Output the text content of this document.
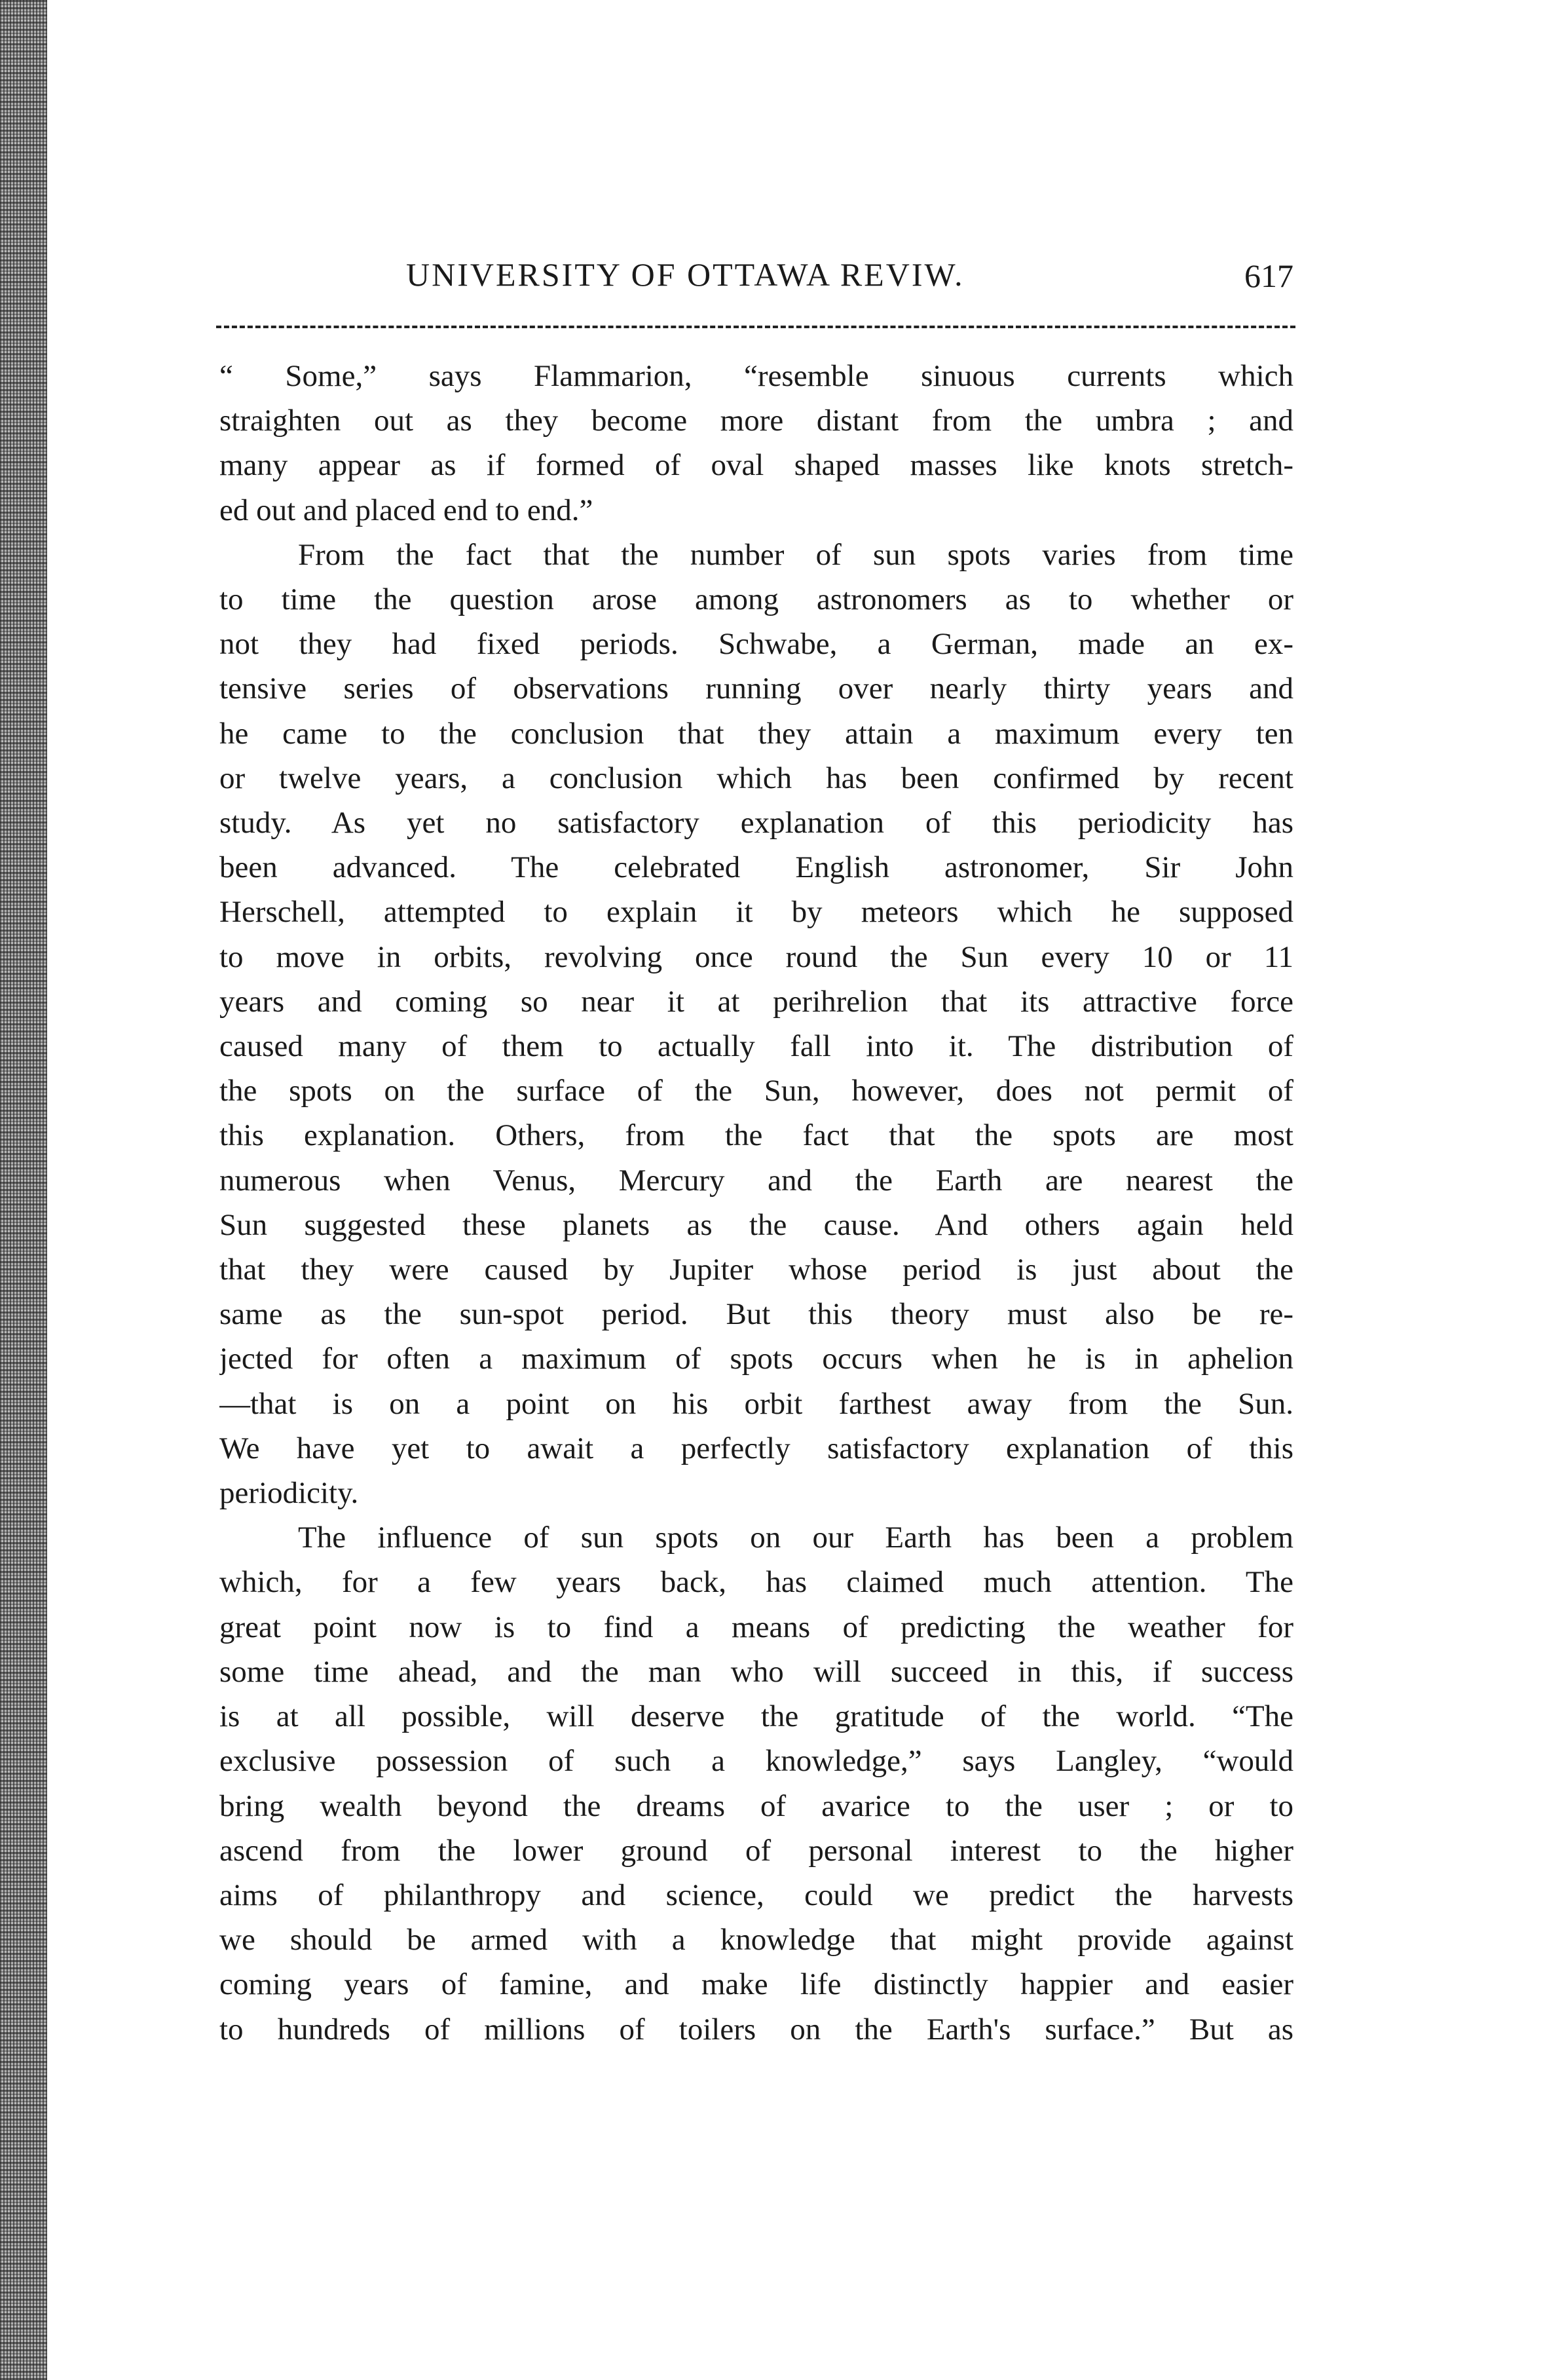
UNIVERSITY OF OTTAWA REVIW.	617
“ Some,” says Flammarion, “resemble sinuous currents which
straighten out as they become more distant from the umbra ; and
many appear as if formed of oval shaped masses like knots stretch-
ed out and placed end to end.”
From the fact that the number of sun spots varies from time
to time the question arose among astronomers as to whether or
not they had fixed periods. Schwabe, a German, made an ex-
tensive series of observations running over nearly thirty years and
he came to the conclusion that they attain a maximum every ten
or twelve years, a conclusion which has been confirmed by recent
study. As yet no satisfactory explanation of this periodicity has
been advanced. The celebrated English astronomer, Sir John
Herschell, attempted to explain it by meteors which he supposed
to move in orbits, revolving once round the Sun every 10 or 11
years and coming so near it at perihrelion that its attractive force
caused many of them to actually fall into it. The distribution of
the spots on the surface of the Sun, however, does not permit of
this explanation. Others, from the fact that the spots are most
numerous when Venus, Mercury and the Earth are nearest the
Sun suggested these planets as the cause. And others again held
that they were caused by Jupiter whose period is just about the
same as the sun-spot period. But this theory must also be re-
jected for often a maximum of spots occurs when he is in aphelion
—that is on a point on his orbit farthest away from the Sun.
We have yet to await a perfectly satisfactory explanation of this
periodicity.
The influence of sun spots on our Earth has been a problem
which, for a few years back, has claimed much attention. The
great point now is to find a means of predicting the weather for
some time ahead, and the man who will succeed in this, if success
is at all possible, will deserve the gratitude of the world. “The
exclusive possession of such a knowledge,” says Langley, “would
bring wealth beyond the dreams of avarice to the user ; or to
ascend from the lower ground of personal interest to the higher
aims of philanthropy and science, could we predict the harvests
we should be armed with a knowledge that might provide against
coming years of famine, and make life distinctly happier and easier
to hundreds of millions of toilers on the Earth's surface.” But as
